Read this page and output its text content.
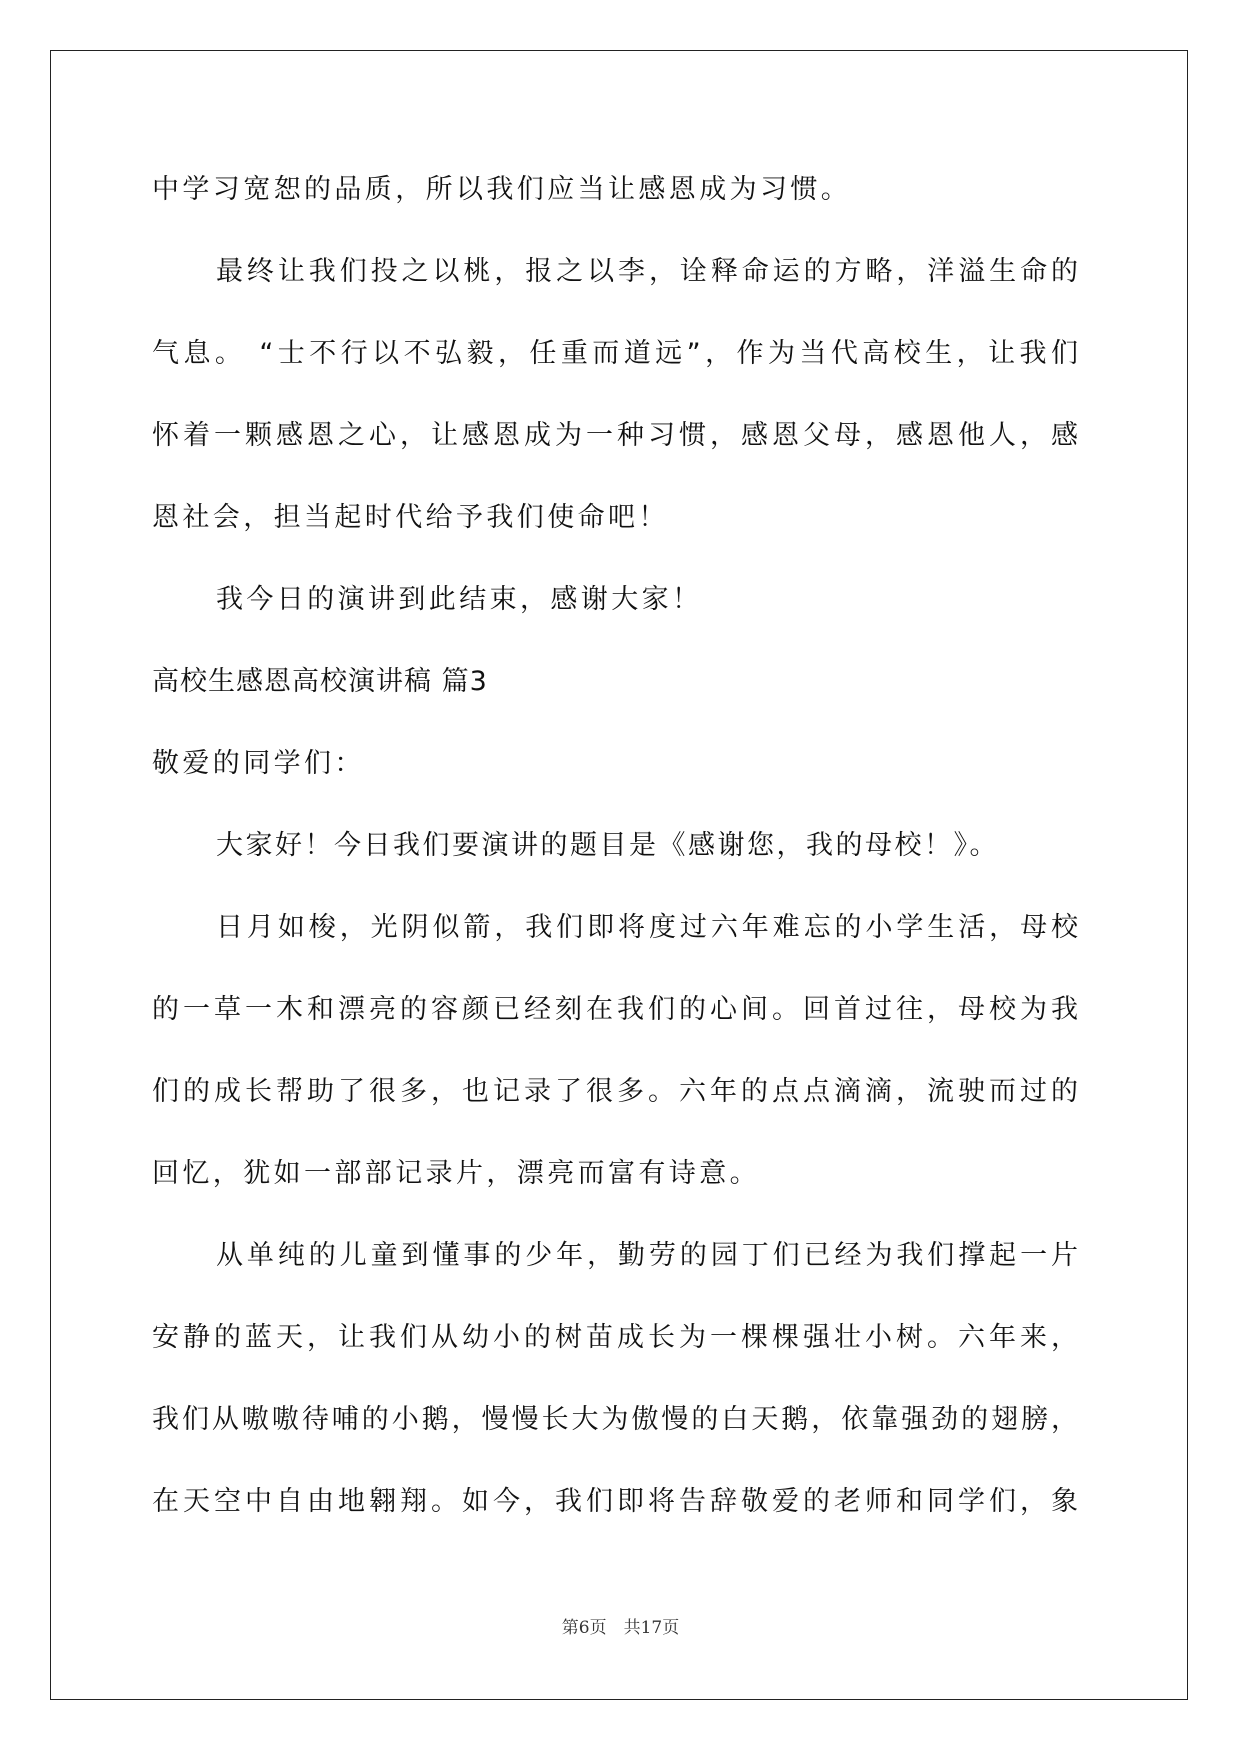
中学习宽恕的品质，所以我们应当让感恩成为习惯。
最终让我们投之以桃，报之以李，诠释命运的方略，洋溢生命的
气息。 “士不行以不弘毅，任重而道远”，作为当代高校生，让我们
怀着一颗感恩之心，让感恩成为一种习惯，感恩父母，感恩他人，感
恩社会，担当起时代给予我们使命吧！
我今日的演讲到此结束，感谢大家！
高校生感恩高校演讲稿 篇3
敬爱的同学们：
大家好！今日我们要演讲的题目是《感谢您，我的母校！》。
日月如梭，光阴似箭，我们即将度过六年难忘的小学生活，母校
的一草一木和漂亮的容颜已经刻在我们的心间。回首过往，母校为我
们的成长帮助了很多，也记录了很多。六年的点点滴滴，流驶而过的
回忆，犹如一部部记录片，漂亮而富有诗意。
从单纯的儿童到懂事的少年，勤劳的园丁们已经为我们撑起一片
安静的蓝天，让我们从幼小的树苗成长为一棵棵强壮小树。六年来，
我们从嗷嗷待哺的小鹅，慢慢长大为傲慢的白天鹅，依靠强劲的翅膀，
在天空中自由地翱翔。如今，我们即将告辞敬爱的老师和同学们，象
第6页　共17页
